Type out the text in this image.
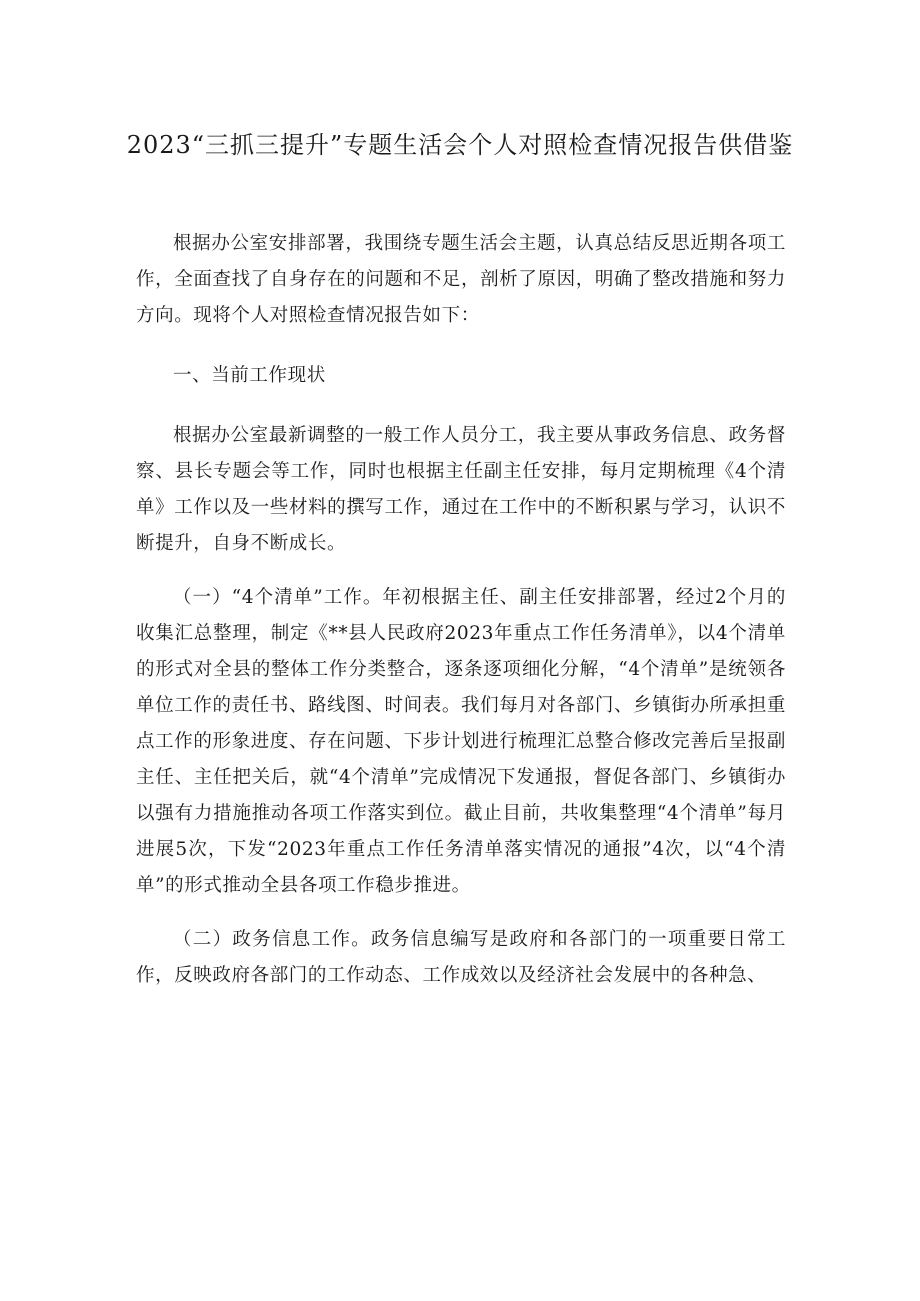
2023“三抓三提升”专题生活会个人对照检查情况报告供借鉴

根据办公室安排部署，我围绕专题生活会主题，认真总结反思近期各项工作，全面查找了自身存在的问题和不足，剖析了原因，明确了整改措施和努力方向。现将个人对照检查情况报告如下：

一、当前工作现状

根据办公室最新调整的一般工作人员分工，我主要从事政务信息、政务督察、县长专题会等工作，同时也根据主任副主任安排，每月定期梳理《4个清单》工作以及一些材料的撰写工作，通过在工作中的不断积累与学习，认识不断提升，自身不断成长。

（一）“4个清单”工作。年初根据主任、副主任安排部署，经过2个月的收集汇总整理，制定《**县人民政府2023年重点工作任务清单》，以4个清单的形式对全县的整体工作分类整合，逐条逐项细化分解，“4个清单”是统领各单位工作的责任书、路线图、时间表。我们每月对各部门、乡镇街办所承担重点工作的形象进度、存在问题、下步计划进行梳理汇总整合修改完善后呈报副主任、主任把关后，就“4个清单”完成情况下发通报，督促各部门、乡镇街办以强有力措施推动各项工作落实到位。截止目前，共收集整理“4个清单”每月进展5次，下发“2023年重点工作任务清单落实情况的通报”4次，以“4个清单”的形式推动全县各项工作稳步推进。

（二）政务信息工作。政务信息编写是政府和各部门的一项重要日常工作，反映政府各部门的工作动态、工作成效以及经济社会发展中的各种急、
